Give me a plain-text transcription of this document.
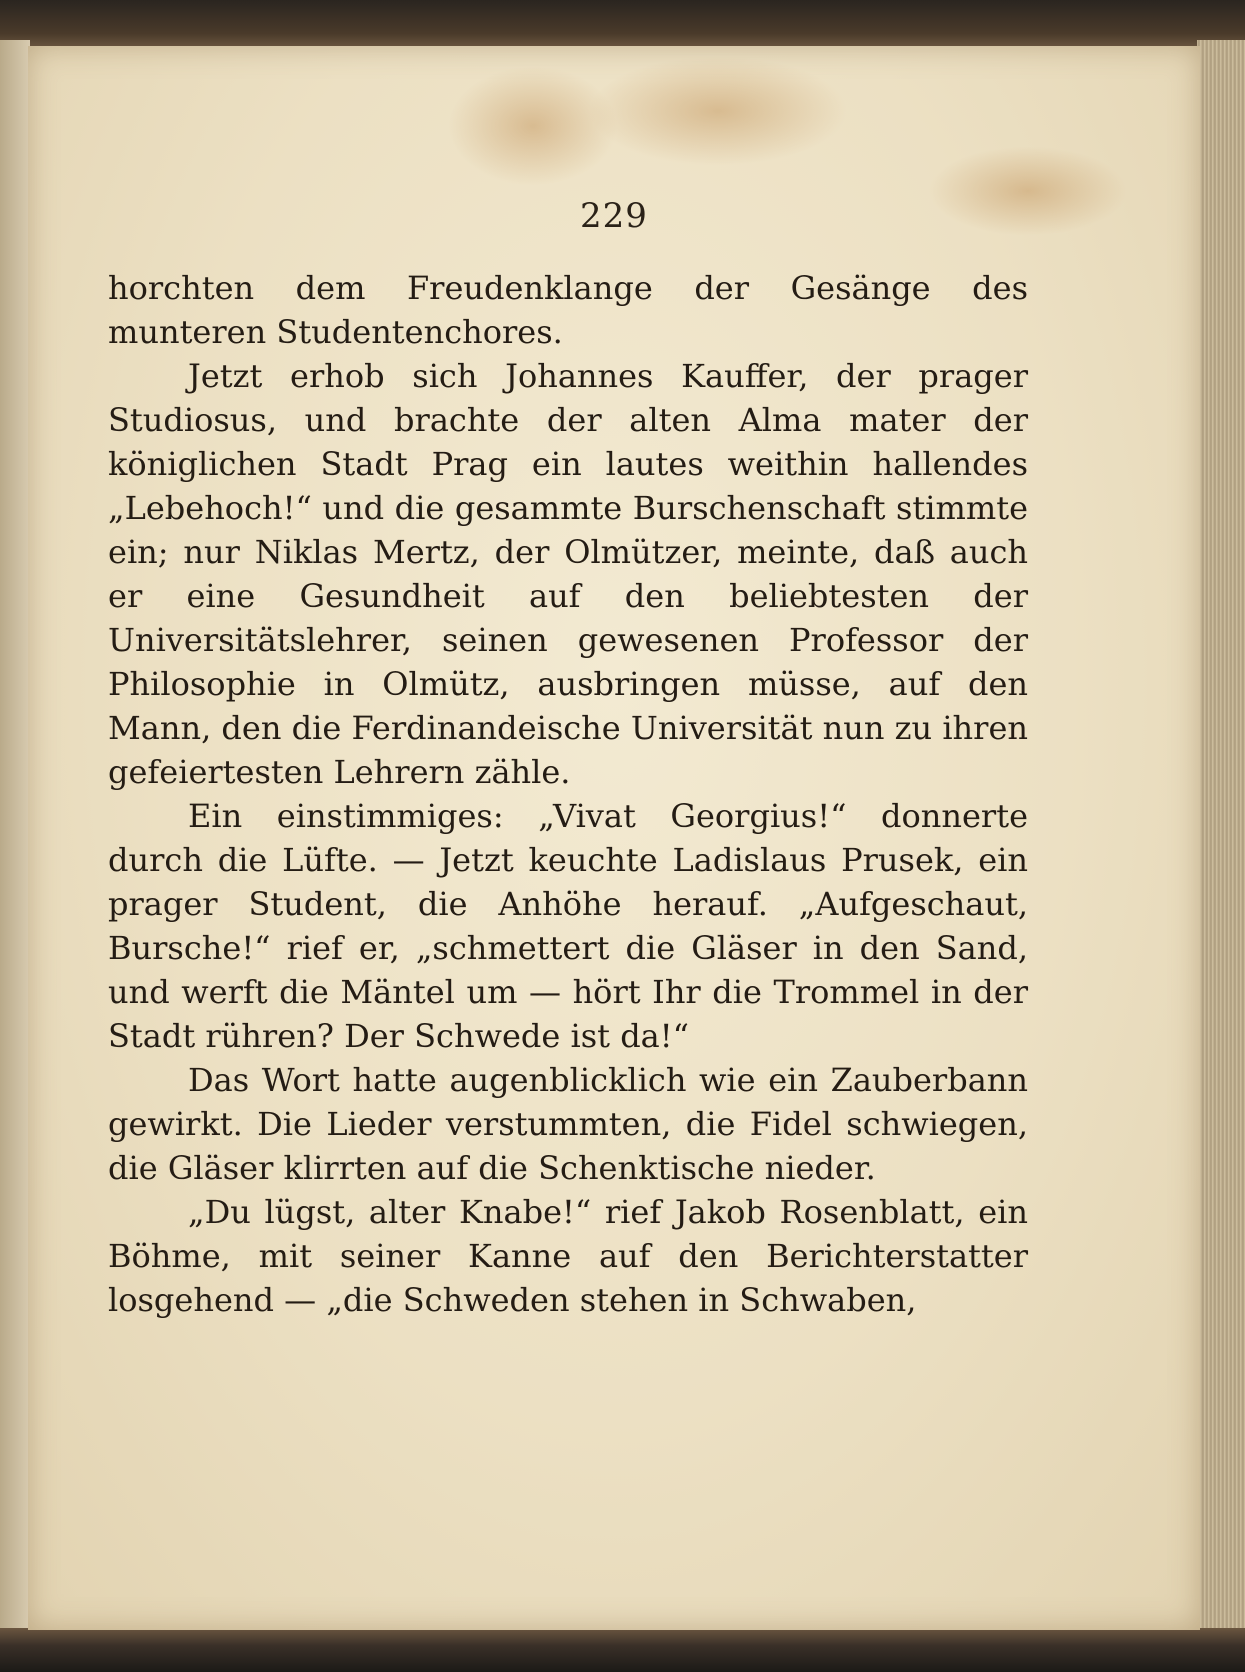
229

horchten dem Freudenklange der Gesänge des munteren Studentenchores.

Jetzt erhob sich Johannes Kauffer, der prager Studiosus, und brachte der alten Alma mater der königlichen Stadt Prag ein lautes weithin hallendes „Lebehoch!“ und die gesammte Burschenschaft stimmte ein; nur Niklas Mertz, der Olmützer, meinte, daß auch er eine Gesundheit auf den beliebtesten der Universitätslehrer, seinen gewesenen Professor der Philosophie in Olmütz, ausbringen müsse, auf den Mann, den die Ferdinandeische Universität nun zu ihren gefeiertesten Lehrern zähle.

Ein einstimmiges: „Vivat Georgius!“ donnerte durch die Lüfte. — Jetzt keuchte Ladislaus Prusek, ein prager Student, die Anhöhe herauf. „Aufgeschaut, Bursche!“ rief er, „schmettert die Gläser in den Sand, und werft die Mäntel um — hört Ihr die Trommel in der Stadt rühren? Der Schwede ist da!“

Das Wort hatte augenblicklich wie ein Zauberbann gewirkt. Die Lieder verstummten, die Fidel schwiegen, die Gläser klirrten auf die Schenktische nieder.

„Du lügst, alter Knabe!“ rief Jakob Rosenblatt, ein Böhme, mit seiner Kanne auf den Berichterstatter losgehend — „die Schweden stehen in Schwaben,
